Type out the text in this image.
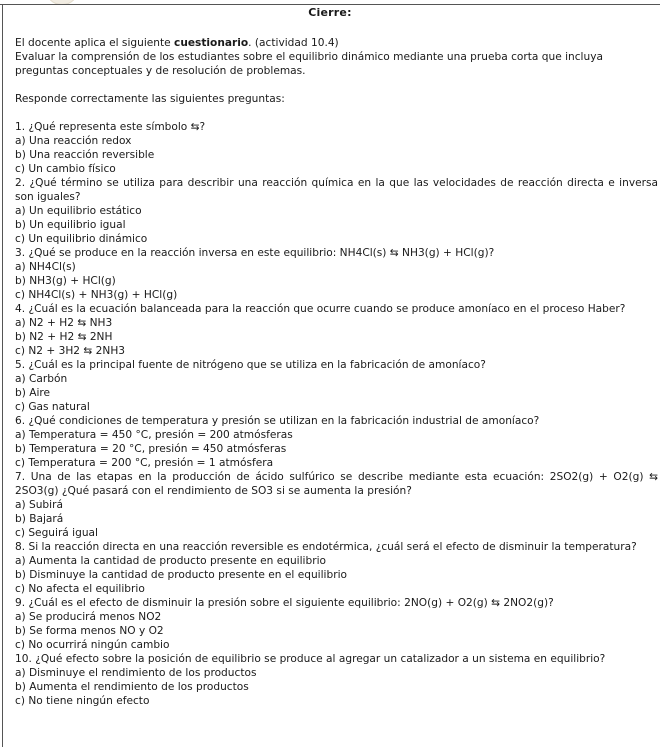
Cierre:

El docente aplica el siguiente cuestionario. (actividad 10.4)

Evaluar la comprensión de los estudiantes sobre el equilibrio dinámico mediante una prueba corta que incluya preguntas conceptuales y de resolución de problemas.

Responde correctamente las siguientes preguntas:

1. ¿Qué representa este símbolo ⇆?

a) Una reacción redox

b) Una reacción reversible

c) Un cambio físico

2. ¿Qué término se utiliza para describir una reacción química en la que las velocidades de reacción directa e inversa son iguales?

a) Un equilibrio estático

b) Un equilibrio igual

c) Un equilibrio dinámico

3. ¿Qué se produce en la reacción inversa en este equilibrio: NH4Cl(s) ⇆ NH3(g) + HCl(g)?

a) NH4Cl(s)

b) NH3(g) + HCl(g)

c) NH4Cl(s) + NH3(g) + HCl(g)

4. ¿Cuál es la ecuación balanceada para la reacción que ocurre cuando se produce amoníaco en el proceso Haber?

a) N2 + H2 ⇆ NH3

b) N2 + H2 ⇆ 2NH

c) N2 + 3H2 ⇆ 2NH3

5. ¿Cuál es la principal fuente de nitrógeno que se utiliza en la fabricación de amoníaco?

a) Carbón

b) Aire

c) Gas natural

6. ¿Qué condiciones de temperatura y presión se utilizan en la fabricación industrial de amoníaco?

a) Temperatura = 450 °C, presión = 200 atmósferas

b) Temperatura = 20 °C, presión = 450 atmósferas

c) Temperatura = 200 °C, presión = 1 atmósfera

7. Una de las etapas en la producción de ácido sulfúrico se describe mediante esta ecuación: 2SO2(g) + O2(g) ⇆ 2SO3(g) ¿Qué pasará con el rendimiento de SO3 si se aumenta la presión?

a) Subirá

b) Bajará

c) Seguirá igual

8. Si la reacción directa en una reacción reversible es endotérmica, ¿cuál será el efecto de disminuir la temperatura?

a) Aumenta la cantidad de producto presente en equilibrio

b) Disminuye la cantidad de producto presente en el equilibrio

c) No afecta el equilibrio

9. ¿Cuál es el efecto de disminuir la presión sobre el siguiente equilibrio: 2NO(g) + O2(g) ⇆ 2NO2(g)?

a) Se producirá menos NO2

b) Se forma menos NO y O2

c) No ocurrirá ningún cambio

10. ¿Qué efecto sobre la posición de equilibrio se produce al agregar un catalizador a un sistema en equilibrio?

a) Disminuye el rendimiento de los productos

b) Aumenta el rendimiento de los productos

c) No tiene ningún efecto
